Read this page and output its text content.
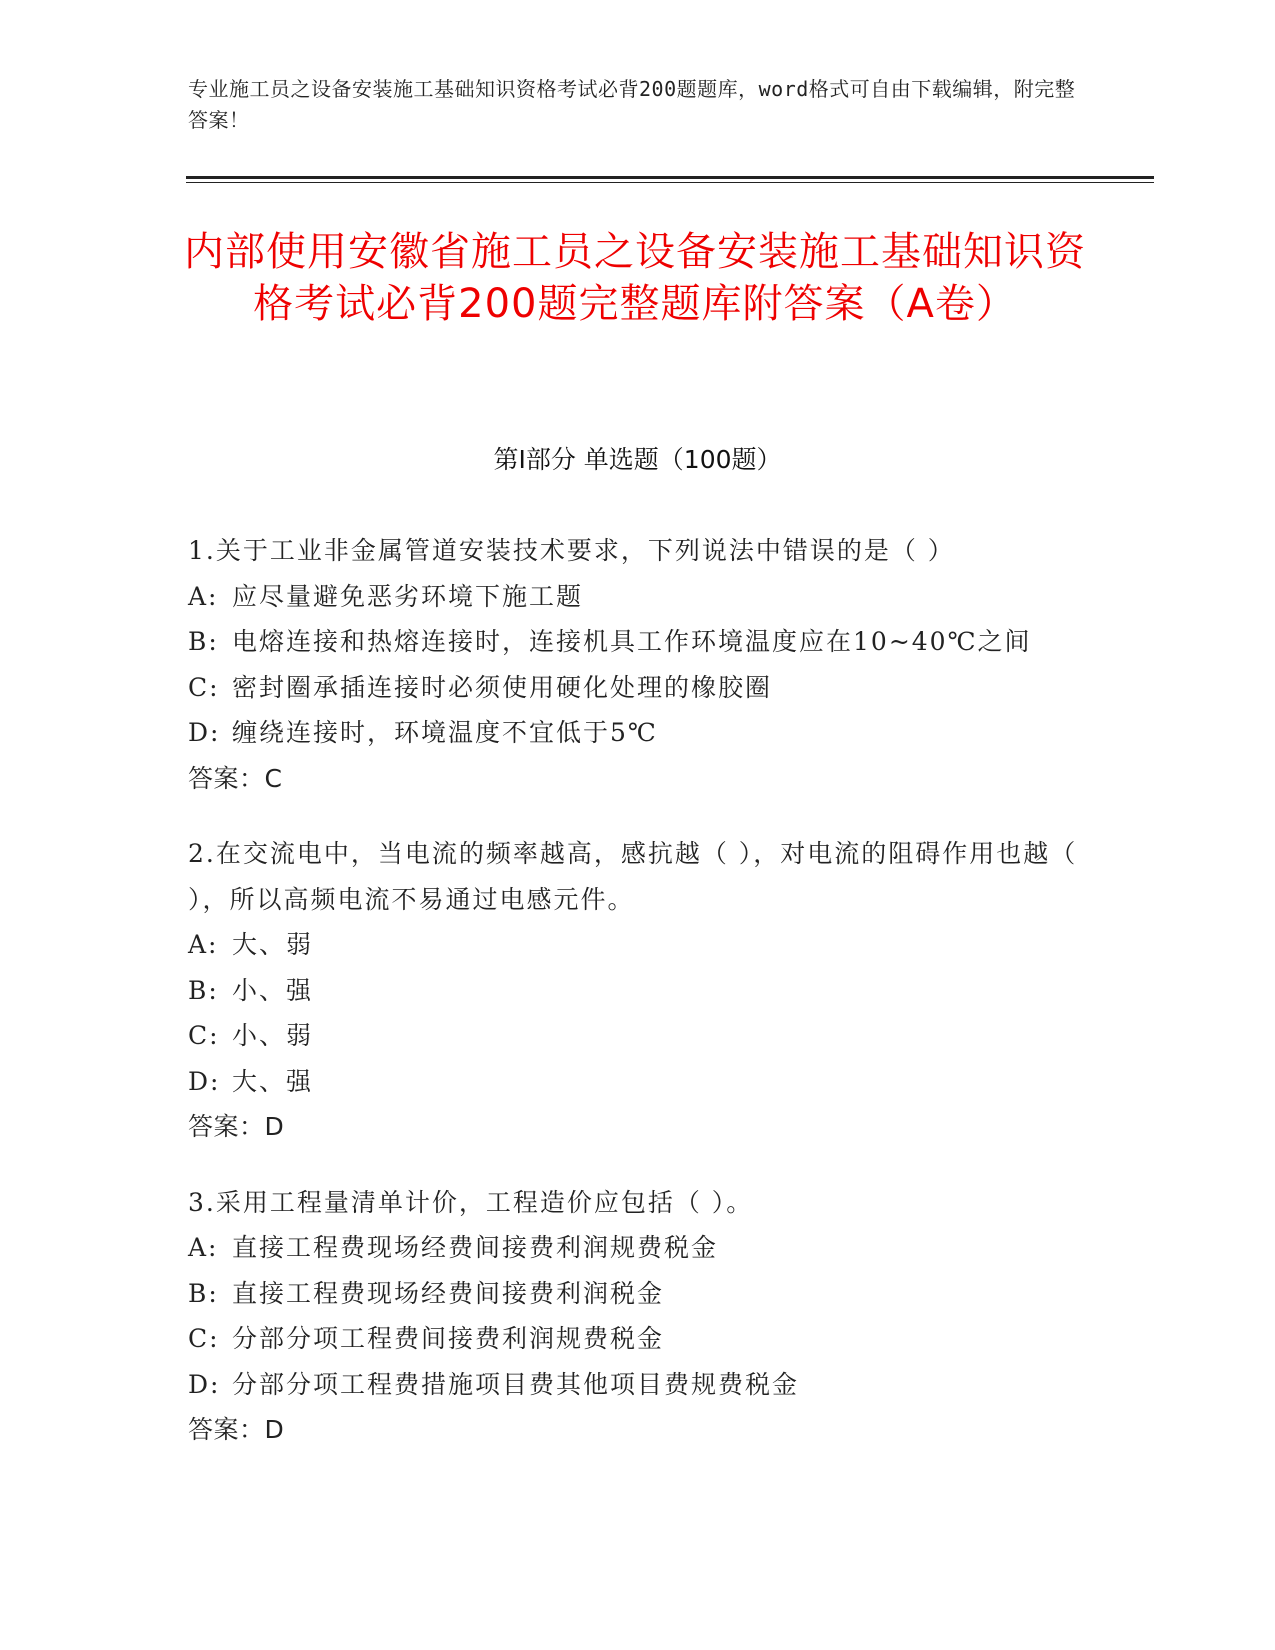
专业施工员之设备安装施工基础知识资格考试必背200题题库，word格式可自由下载编辑，附完整答案！
内部使用安徽省施工员之设备安装施工基础知识资格考试必背200题完整题库附答案（A卷）
第I部分 单选题（100题）
1.关于工业非金属管道安装技术要求，下列说法中错误的是（ ）
A: 应尽量避免恶劣环境下施工题
B: 电熔连接和热熔连接时，连接机具工作环境温度应在10~40℃之间
C: 密封圈承插连接时必须使用硬化处理的橡胶圈
D: 缠绕连接时，环境温度不宜低于5℃
答案：C
2.在交流电中，当电流的频率越高，感抗越（ ），对电流的阻碍作用也越（ ），所以高频电流不易通过电感元件。
A: 大、弱
B: 小、强
C: 小、弱
D: 大、强
答案：D
3.采用工程量清单计价，工程造价应包括（ ）。
A: 直接工程费现场经费间接费利润规费税金
B: 直接工程费现场经费间接费利润税金
C: 分部分项工程费间接费利润规费税金
D: 分部分项工程费措施项目费其他项目费规费税金
答案：D
